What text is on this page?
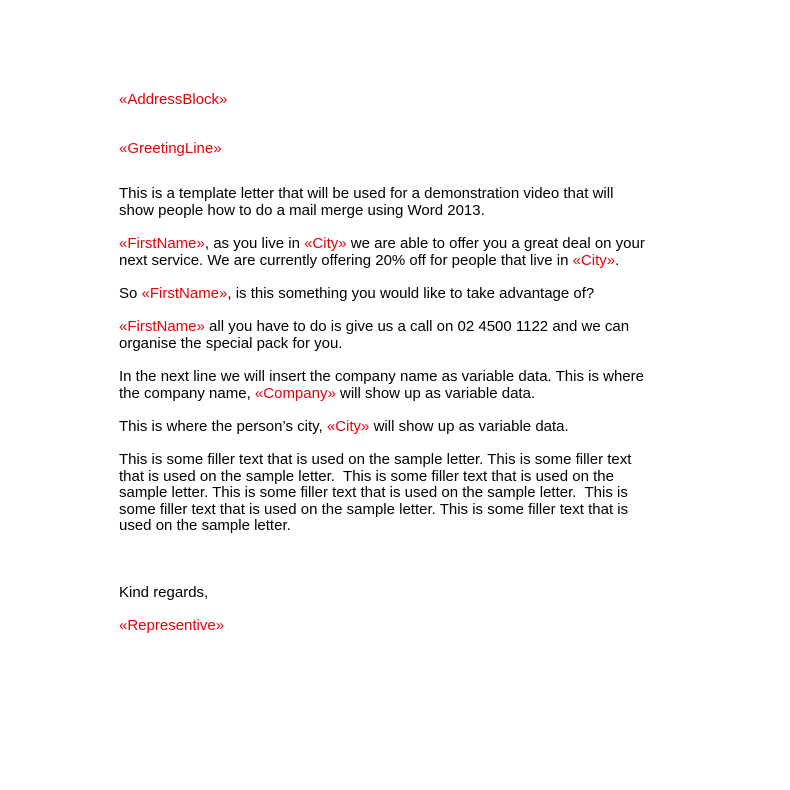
«AddressBlock»
«GreetingLine»
This is a template letter that will be used for a demonstration video that will
show people how to do a mail merge using Word 2013.
«FirstName», as you live in «City» we are able to offer you a great deal on your
next service. We are currently offering 20% off for people that live in «City».
So «FirstName», is this something you would like to take advantage of?
«FirstName» all you have to do is give us a call on 02 4500 1122 and we can
organise the special pack for you.
In the next line we will insert the company name as variable data. This is where
the company name, «Company» will show up as variable data.
This is where the person’s city, «City» will show up as variable data.
This is some filler text that is used on the sample letter. This is some filler text
that is used on the sample letter.  This is some filler text that is used on the
sample letter. This is some filler text that is used on the sample letter.  This is
some filler text that is used on the sample letter. This is some filler text that is
used on the sample letter.
Kind regards,
«Representive»
